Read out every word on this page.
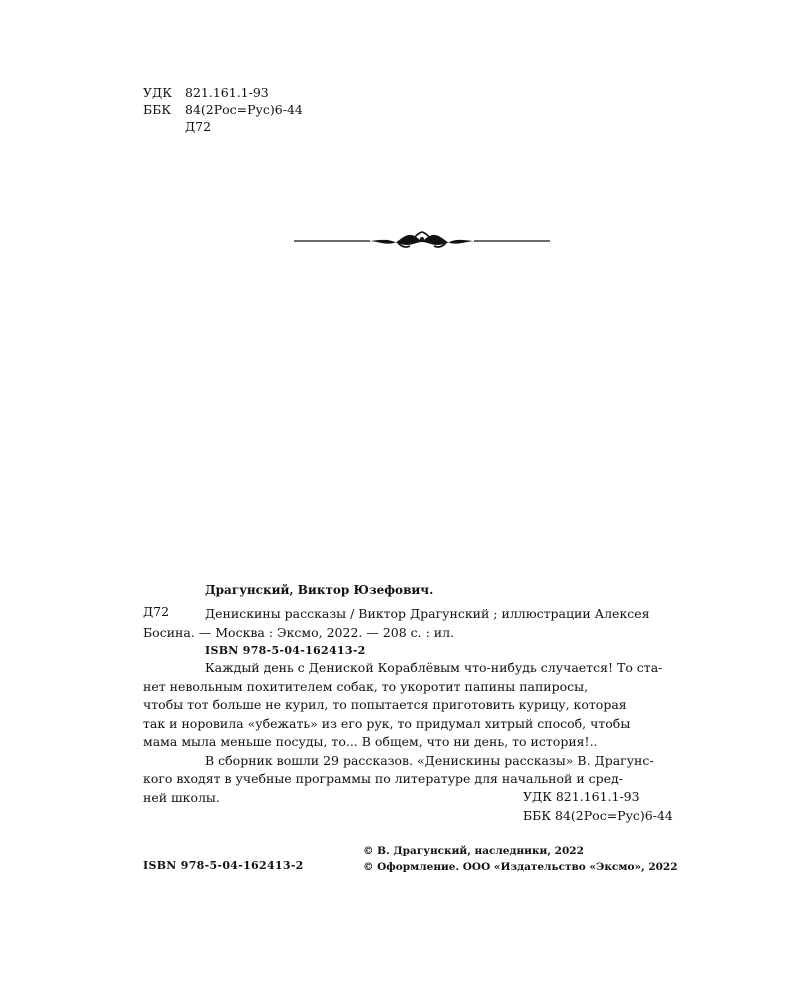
УДК 821.161.1-93
ББК 84(2Рос=Рус)6-44
Д72
Драгунский, Виктор Юзефович.
Д72	Денискины рассказы / Виктор Драгунский ; иллюстрации Алексея
Босина. — Москва : Эксмо, 2022. — 208 с. : ил.
ISBN 978-5-04-162413-2
Каждый день с Дениской Кораблёвым что-нибудь случается! То ста-
нет невольным похитителем собак, то укоротит папины папиросы,
чтобы тот больше не курил, то попытается приготовить курицу, которая
так и норовила «убежать» из его рук, то придумал хитрый способ, чтобы
мама мыла меньше посуды, то... В общем, что ни день, то история!..
В сборник вошли 29 рассказов. «Денискины рассказы» В. Драгунс-
кого входят в учебные программы по литературе для начальной и сред-
ней школы.	УДК 821.161.1-93
ББК 84(2Рос=Рус)6-44
© В. Драгунский, наследники, 2022
© Оформление. ООО «Издательство «Эксмо», 2022
ISBN 978-5-04-162413-2
